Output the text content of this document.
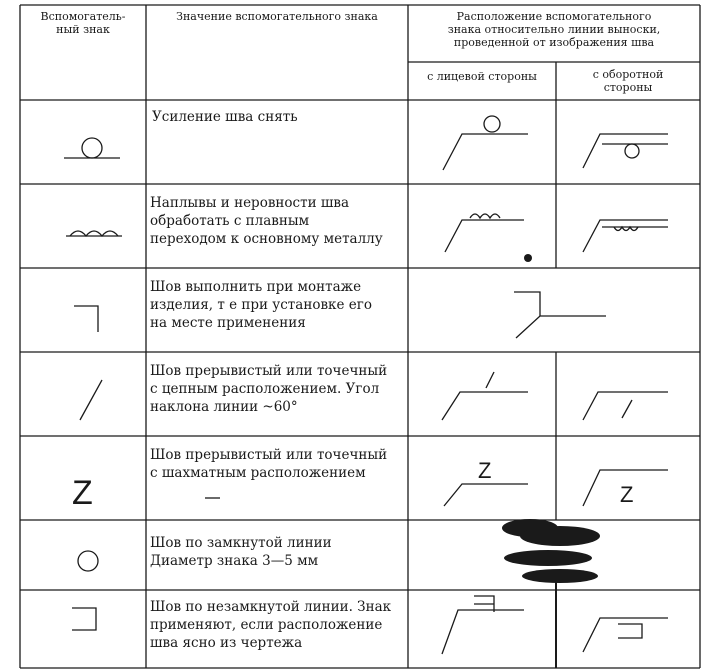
Z
Z
Z
Вспомогатель-
ный знак
Значение вспомогательного знака	Расположение вспомогательного
знака относительно линии выноски,
проведенной от изображения шва
с лицевой стороны	с оборотной
стороны
Усиление шва снять
Наплывы и неровности шва
обработать с плавным
переходом к основному металлу
Шов выполнить при монтаже
изделия, т е при установке его
на месте применения
Шов прерывистый или точечный
с цепным расположением. Угол
наклона линии ~60°
Шов прерывистый или точечный
с шахматным расположением
Шов по замкнутой линии
Диаметр знака 3—5 мм
Шов по незамкнутой линии. Знак
применяют, если расположение
шва ясно из чертежа
